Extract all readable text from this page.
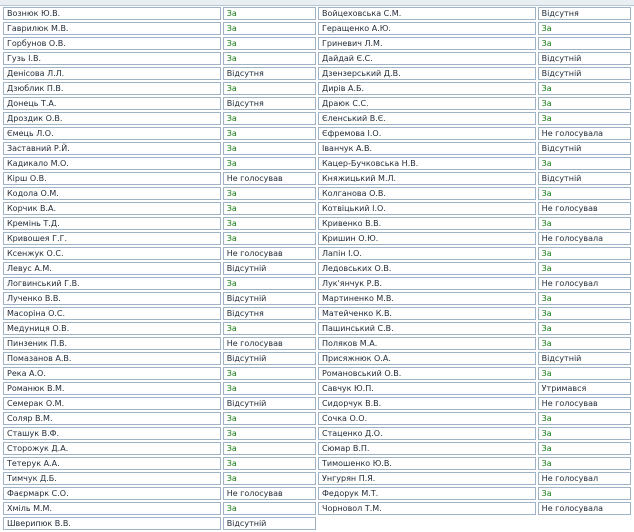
Вознюк Ю.В.	За	Войцеховська С.М.	Відсутня
Гаврилюк М.В.	За	Геращенко А.Ю.	За
Горбунов О.В.	За	Гриневич Л.М.	За
Гузь І.В.	За	Дайдай Є.С.	Відсутній
Денісова Л.Л.	Відсутня	Дзензерський Д.В.	Відсутній
Дзюблик П.В.	За	Дирів А.Б.	За
Донець Т.А.	Відсутня	Драюк С.С.	За
Дроздик О.В.	За	Єленський В.Є.	За
Ємець Л.О.	За	Єфремова І.О.	Не голосувала
Заставний Р.Й.	За	Іванчук А.В.	Відсутній
Кадикало М.О.	За	Кацер-Бучковська Н.В.	За
Кірш О.В.	Не голосував	Княжицький М.Л.	Відсутній
Кодола О.М.	За	Колганова О.В.	За
Корчик В.А.	За	Котвіцький І.О.	Не голосував
Кремінь Т.Д.	За	Кривенко В.В.	За
Кривошея Г.Г.	За	Кришин О.Ю.	Не голосувала
Ксенжук О.С.	Не голосував	Лапін І.О.	За
Левус А.М.	Відсутній	Ледовських О.В.	За
Логвинський Г.В.	За	Лук'янчук Р.В.	Не голосувал
Лученко В.В.	Відсутній	Мартиненко М.В.	За
Масоріна О.С.	Відсутня	Матейченко К.В.	За
Медуниця О.В.	За	Пашинський С.В.	За
Пинзеник П.В.	Не голосував	Поляков М.А.	За
Помазанов А.В.	Відсутній	Присяжнюк О.А.	Відсутній
Река А.О.	За	Романовський О.В.	За
Романюк В.М.	За	Савчук Ю.П.	Утримався
Семерак О.М.	Відсутній	Сидорчук В.В.	Не голосував
Соляр В.М.	За	Сочка О.О.	За
Сташук В.Ф.	За	Стаценко Д.О.	За
Сторожук Д.А.	За	Сюмар В.П.	За
Тетерук А.А.	За	Тимошенко Ю.В.	За
Тимчук Д.Б.	За	Унгурян П.Я.	Не голосувал
Фаєрмарк С.О.	Не голосував	Федорук М.Т.	За
Хміль М.М.	За	Чорновол Т.М.	Не голосувала
Шверипюк В.В.	Відсутній		
